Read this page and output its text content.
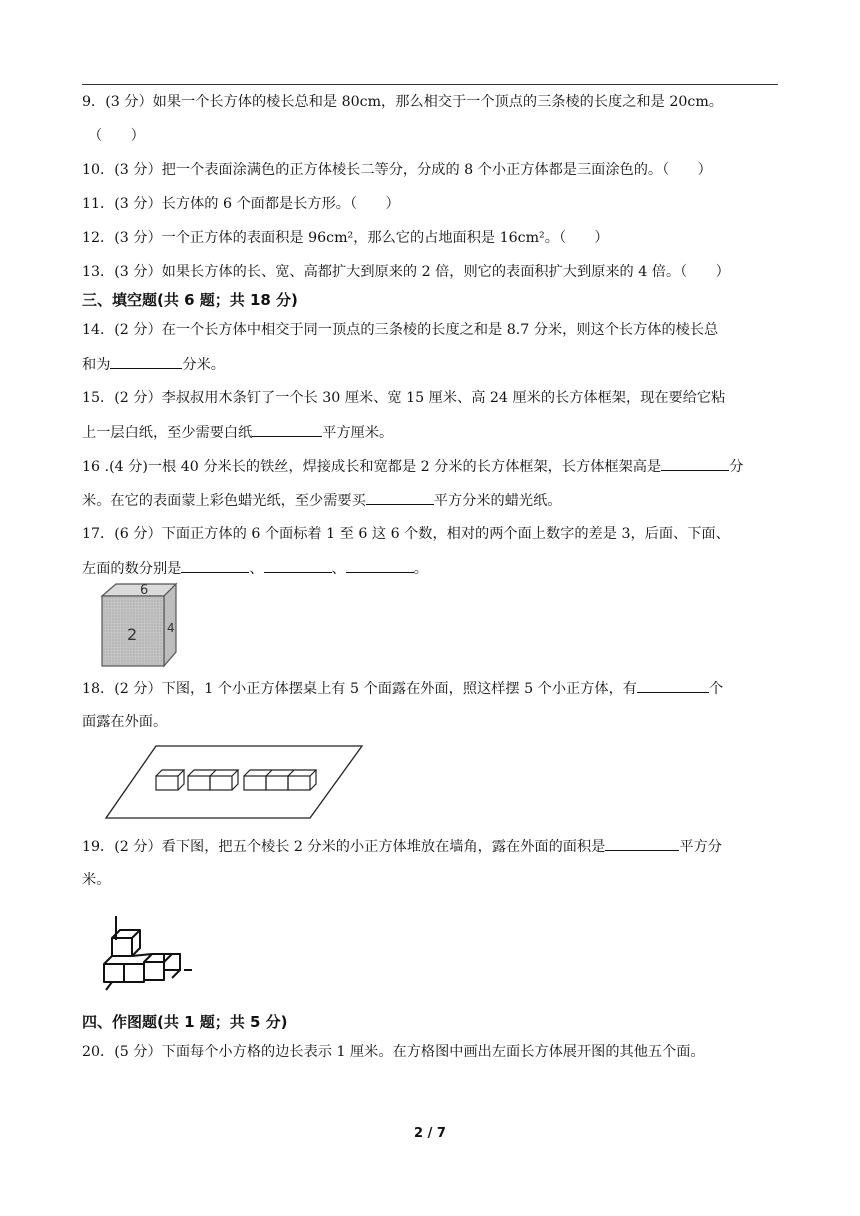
9．(3 分）如果一个长方体的棱长总和是 80cm，那么相交于一个顶点的三条棱的长度之和是 20cm。
（　　）
10．(3 分）把一个表面涂满色的正方体棱长二等分，分成的 8 个小正方体都是三面涂色的。（　　）
11．(3 分）长方体的 6 个面都是长方形。（　　）
12．(3 分）一个正方体的表面积是 96cm²，那么它的占地面积是 16cm²。（　　）
13．(3 分）如果长方体的长、宽、高都扩大到原来的 2 倍，则它的表面积扩大到原来的 4 倍。（　　）
三、填空题(共 6 题；共 18 分)
14．(2 分）在一个长方体中相交于同一顶点的三条棱的长度之和是 8.7 分米，则这个长方体的棱长总
和为	分米。
15．(2 分）李叔叔用木条钉了一个长 30 厘米、宽 15 厘米、高 24 厘米的长方体框架，现在要给它粘
上一层白纸，至少需要白纸	平方厘米。
16 .(4 分)一根 40 分米长的铁丝，焊接成长和宽都是 2 分米的长方体框架，长方体框架高是	分
米。在它的表面蒙上彩色蜡光纸，至少需要买	平方分米的蜡光纸。
17．(6 分）下面正方体的 6 个面标着 1 至 6 这 6 个数，相对的两个面上数字的差是 3，后面、下面、
左面的数分别是	、	、	。
6
2 4
18．(2 分）下图，1 个小正方体摆桌上有 5 个面露在外面，照这样摆 5 个小正方体，有	个
面露在外面。
19．(2 分）看下图，把五个棱长 2 分米的小正方体堆放在墙角，露在外面的面积是	平方分
米。
四、作图题(共 1 题；共 5 分)
20．(5 分）下面每个小方格的边长表示 1 厘米。在方格图中画出左面长方体展开图的其他五个面。
2 / 7
